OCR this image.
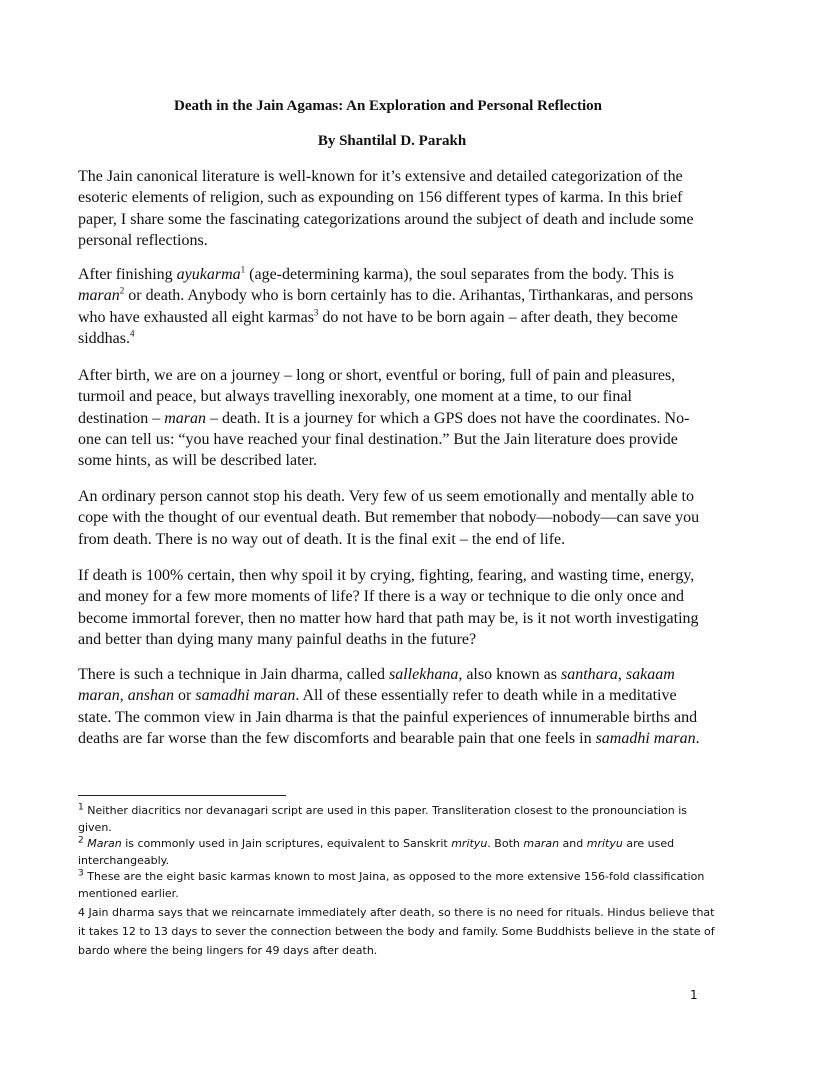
Death in the Jain Agamas: An Exploration and Personal Reflection

By Shantilal D. Parakh

The Jain canonical literature is well-known for it’s extensive and detailed categorization of the esoteric elements of religion, such as expounding on 156 different types of karma. In this brief paper, I share some the fascinating categorizations around the subject of death and include some personal reflections.

After finishing ayukarma$^1$ (age-determining karma), the soul separates from the body. This is maran$^2$ or death. Anybody who is born certainly has to die. Arihantas, Tirthankaras, and persons who have exhausted all eight karmas$^3$ do not have to be born again – after death, they become siddhas.$^4$

After birth, we are on a journey – long or short, eventful or boring, full of pain and pleasures, turmoil and peace, but always travelling inexorably, one moment at a time, to our final destination – maran – death. It is a journey for which a GPS does not have the coordinates. No-one can tell us: “you have reached your final destination.” But the Jain literature does provide some hints, as will be described later.

An ordinary person cannot stop his death. Very few of us seem emotionally and mentally able to cope with the thought of our eventual death. But remember that nobody—nobody—can save you from death. There is no way out of death. It is the final exit – the end of life.

If death is 100% certain, then why spoil it by crying, fighting, fearing, and wasting time, energy, and money for a few more moments of life? If there is a way or technique to die only once and become immortal forever, then no matter how hard that path may be, is it not worth investigating and better than dying many many painful deaths in the future?

There is such a technique in Jain dharma, called sallekhana, also known as santhara, sakaam maran, anshan or samadhi maran. All of these essentially refer to death while in a meditative state. The common view in Jain dharma is that the painful experiences of innumerable births and deaths are far worse than the few discomforts and bearable pain that one feels in samadhi maran.

$^1$ Neither diacritics nor devanagari script are used in this paper. Transliteration closest to the pronounciation is given.

$^2$ Maran is commonly used in Jain scriptures, equivalent to Sanskrit mrityu. Both maran and mrityu are used interchangeably.

$^3$ These are the eight basic karmas known to most Jaina, as opposed to the more extensive 156-fold classification mentioned earlier.

4 Jain dharma says that we reincarnate immediately after death, so there is no need for rituals. Hindus believe that it takes 12 to 13 days to sever the connection between the body and family. Some Buddhists believe in the state of bardo where the being lingers for 49 days after death.

1
